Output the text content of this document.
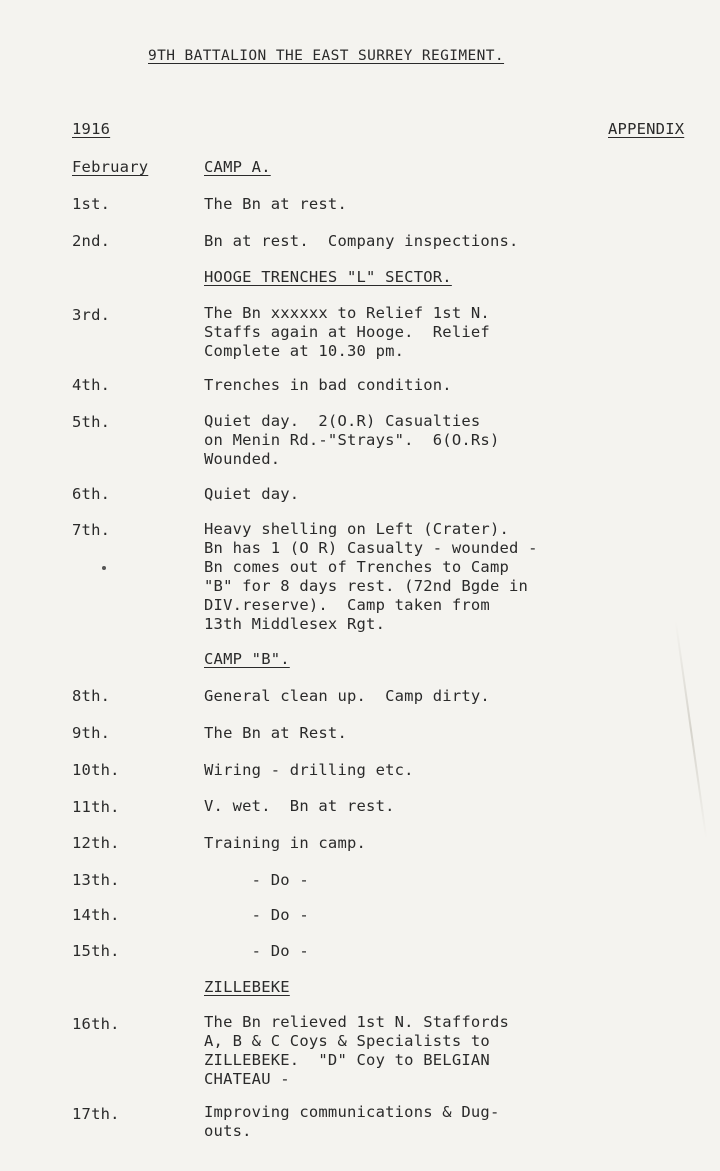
9TH BATTALION THE EAST SURREY REGIMENT.
1916	APPENDIX
February	CAMP A.
1st.	The Bn at rest.
2nd.	Bn at rest.  Company inspections.
HOOGE TRENCHES "L" SECTOR.
3rd.	The Bn xxxxxx to Relief 1st N.
Staffs again at Hooge.  Relief
Complete at 10.30 pm.
4th.	Trenches in bad condition.
5th.	Quiet day.  2(O.R) Casualties
on Menin Rd.-"Strays".  6(O.Rs)
Wounded.
6th.	Quiet day.
7th.	Heavy shelling on Left (Crater).
Bn has 1 (O R) Casualty - wounded -
Bn comes out of Trenches to Camp
"B" for 8 days rest. (72nd Bgde in
DIV.reserve).  Camp taken from
13th Middlesex Rgt.
CAMP "B".
8th.	General clean up.  Camp dirty.
9th.	The Bn at Rest.
10th.	Wiring - drilling etc.
11th.	V. wet.  Bn at rest.
12th.	Training in camp.
13th.	- Do -
14th.	- Do -
15th.	- Do -
ZILLEBEKE
16th.	The Bn relieved 1st N. Staffords
A, B & C Coys & Specialists to
ZILLEBEKE.  "D" Coy to BELGIAN
CHATEAU -
17th.	Improving communications & Dug-
outs.
